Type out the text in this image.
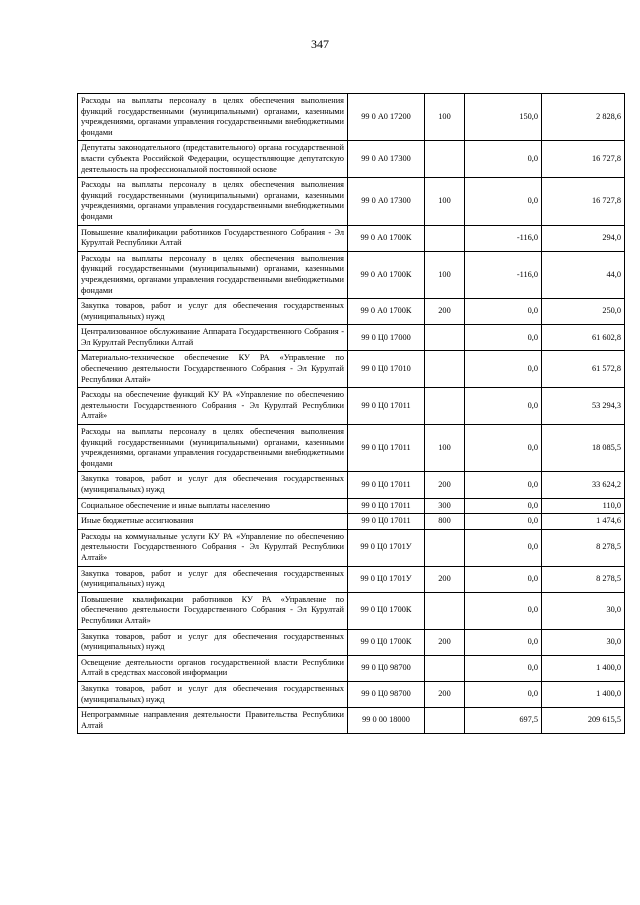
347
Расходы на выплаты персоналу в целях обеспечения выполнения функций государственными (муниципальными) органами, казенными учреждениями, органами управления государственными внебюджетными фондами	99 0 А0 17200	100	150,0	2 828,6
Депутаты законодательного (представительного) органа государственной власти субъекта Российской Федерации, осуществляющие депутатскую деятельность на профессиональной постоянной основе	99 0 А0 17300		0,0	16 727,8
Расходы на выплаты персоналу в целях обеспечения выполнения функций государственными (муниципальными) органами, казенными учреждениями, органами управления государственными внебюджетными фондами	99 0 А0 17300	100	0,0	16 727,8
Повышение квалификации работников Государственного Собрания - Эл Курултай Республики Алтай	99 0 А0 1700К		-116,0	294,0
Расходы на выплаты персоналу в целях обеспечения выполнения функций государственными (муниципальными) органами, казенными учреждениями, органами управления государственными внебюджетными фондами	99 0 А0 1700К	100	-116,0	44,0
Закупка товаров, работ и услуг для обеспечения государственных (муниципальных) нужд	99 0 А0 1700К	200	0,0	250,0
Централизованное обслуживание Аппарата Государственного Собрания - Эл Курултай Республики Алтай	99 0 Ц0 17000		0,0	61 602,8
Материально-техническое обеспечение КУ РА «Управление по обеспечению деятельности Государственного Собрания - Эл Курултай Республики Алтай»	99 0 Ц0 17010		0,0	61 572,8
Расходы на обеспечение функций КУ РА «Управление по обеспечению деятельности Государственного Собрания - Эл Курултай Республики Алтай»	99 0 Ц0 17011		0,0	53 294,3
Расходы на выплаты персоналу в целях обеспечения выполнения функций государственными (муниципальными) органами, казенными учреждениями, органами управления государственными внебюджетными фондами	99 0 Ц0 17011	100	0,0	18 085,5
Закупка товаров, работ и услуг для обеспечения государственных (муниципальных) нужд	99 0 Ц0 17011	200	0,0	33 624,2
Социальное обеспечение и иные выплаты населению	99 0 Ц0 17011	300	0,0	110,0
Иные бюджетные ассигнования	99 0 Ц0 17011	800	0,0	1 474,6
Расходы на коммунальные услуги КУ РА «Управление по обеспечению деятельности Государственного Собрания - Эл Курултай Республики Алтай»	99 0 Ц0 1701У		0,0	8 278,5
Закупка товаров, работ и услуг для обеспечения государственных (муниципальных) нужд	99 0 Ц0 1701У	200	0,0	8 278,5
Повышение квалификации работников КУ РА «Управление по обеспечению деятельности Государственного Собрания - Эл Курултай Республики Алтай»	99 0 Ц0 1700К		0,0	30,0
Закупка товаров, работ и услуг для обеспечения государственных (муниципальных) нужд	99 0 Ц0 1700К	200	0,0	30,0
Освещение деятельности органов государственной власти Республики Алтай в средствах массовой информации	99 0 Ц0 98700		0,0	1 400,0
Закупка товаров, работ и услуг для обеспечения государственных (муниципальных) нужд	99 0 Ц0 98700	200	0,0	1 400,0
Непрограммные направления деятельности Правительства Республики Алтай	99 0 00 18000		697,5	209 615,5
